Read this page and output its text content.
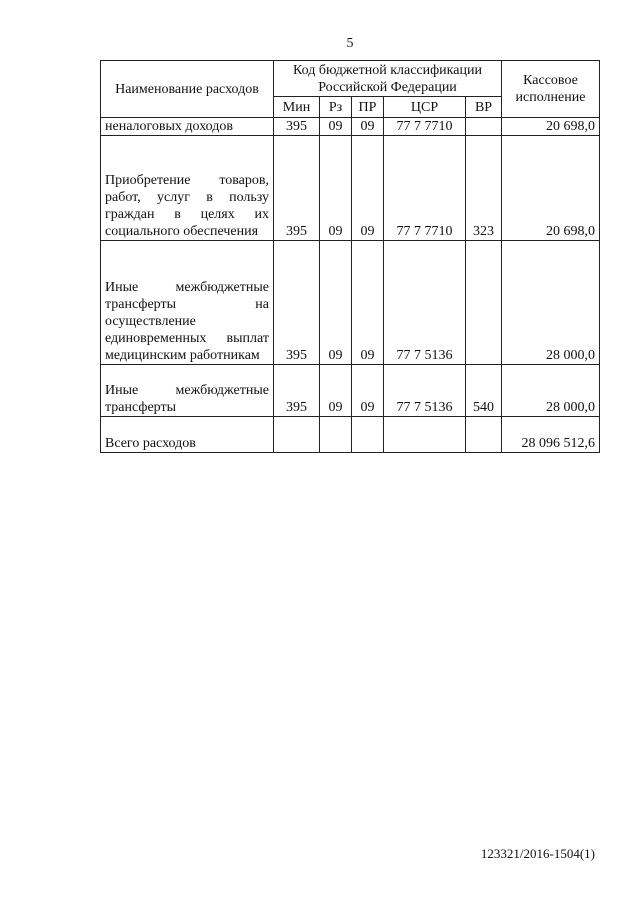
5
Наименование расходов	Код бюджетной классификации Российской Федерации					Кассовое исполнение
	Мин	Рз	ПР	ЦСР	ВР	
неналоговых доходов	395	09	09	77 7 7710		20 698,0
Приобретение товаров, работ, услуг в пользу граждан в целях их социального обеспечения	395	09	09	77 7 7710	323	20 698,0
Иные межбюджетные трансферты на осуществление единовременных выплат медицинским работникам	395	09	09	77 7 5136		28 000,0
Иные межбюджетные трансферты	395	09	09	77 7 5136	540	28 000,0
Всего расходов						28 096 512,6
123321/2016-1504(1)
